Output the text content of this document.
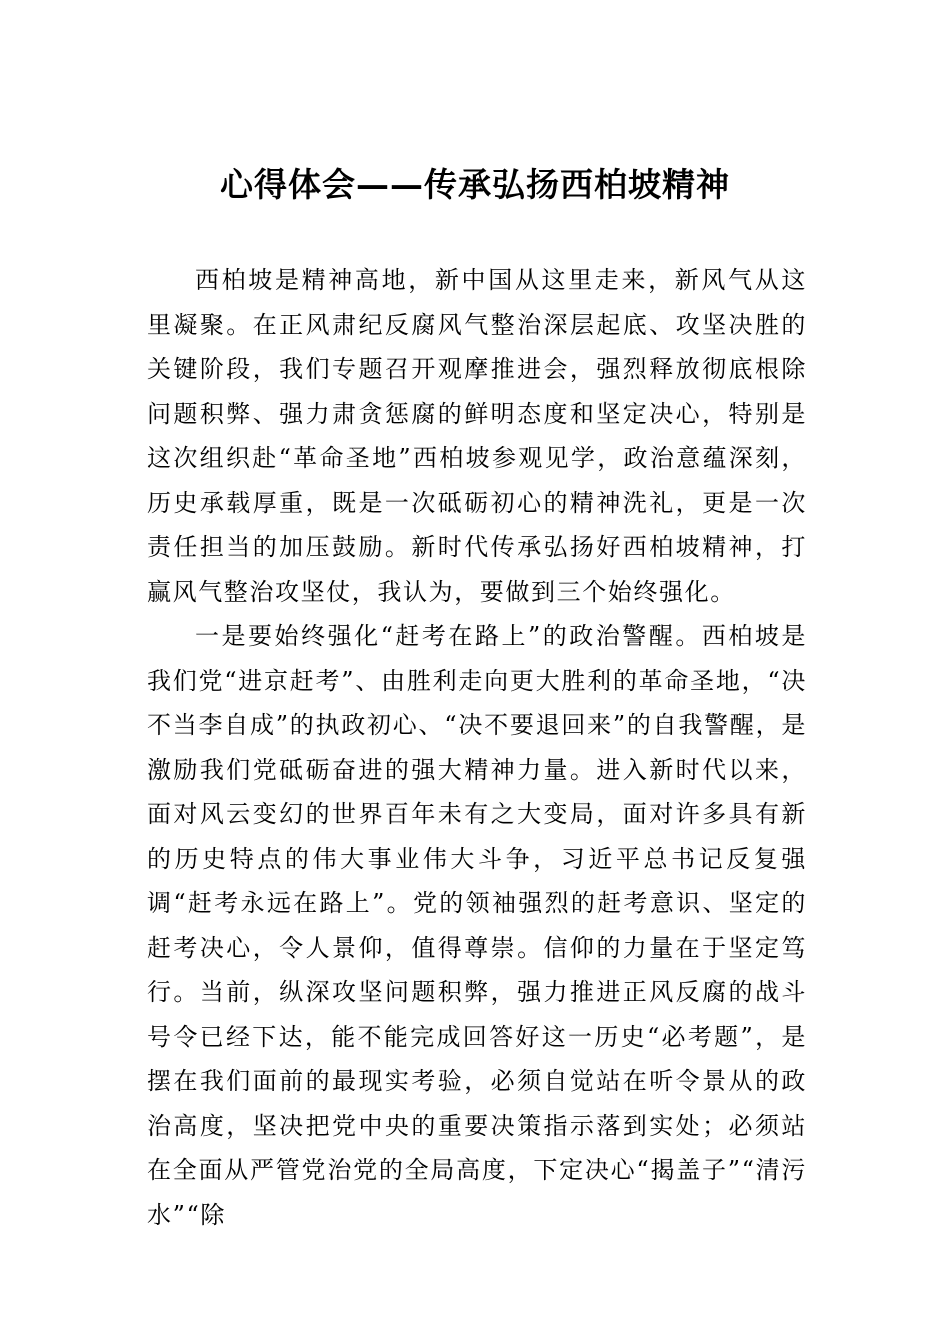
心得体会——传承弘扬西柏坡精神

西柏坡是精神高地，新中国从这里走来，新风气从这里凝聚。在正风肃纪反腐风气整治深层起底、攻坚决胜的关键阶段，我们专题召开观摩推进会，强烈释放彻底根除问题积弊、强力肃贪惩腐的鲜明态度和坚定决心，特别是这次组织赴“革命圣地”西柏坡参观见学，政治意蕴深刻，历史承载厚重，既是一次砥砺初心的精神洗礼，更是一次责任担当的加压鼓励。新时代传承弘扬好西柏坡精神，打赢风气整治攻坚仗，我认为，要做到三个始终强化。

一是要始终强化“赶考在路上”的政治警醒。西柏坡是我们党“进京赶考”、由胜利走向更大胜利的革命圣地，“决不当李自成”的执政初心、“决不要退回来”的自我警醒，是激励我们党砥砺奋进的强大精神力量。进入新时代以来，面对风云变幻的世界百年未有之大变局，面对许多具有新的历史特点的伟大事业伟大斗争，习近平总书记反复强调“赶考永远在路上”。党的领袖强烈的赶考意识、坚定的赶考决心，令人景仰，值得尊崇。信仰的力量在于坚定笃行。当前，纵深攻坚问题积弊，强力推进正风反腐的战斗号令已经下达，能不能完成回答好这一历史“必考题”，是摆在我们面前的最现实考验，必须自觉站在听令景从的政治高度，坚决把党中央的重要决策指示落到实处；必须站在全面从严管党治党的全局高度，下定决心“揭盖子”“清污水”“除
